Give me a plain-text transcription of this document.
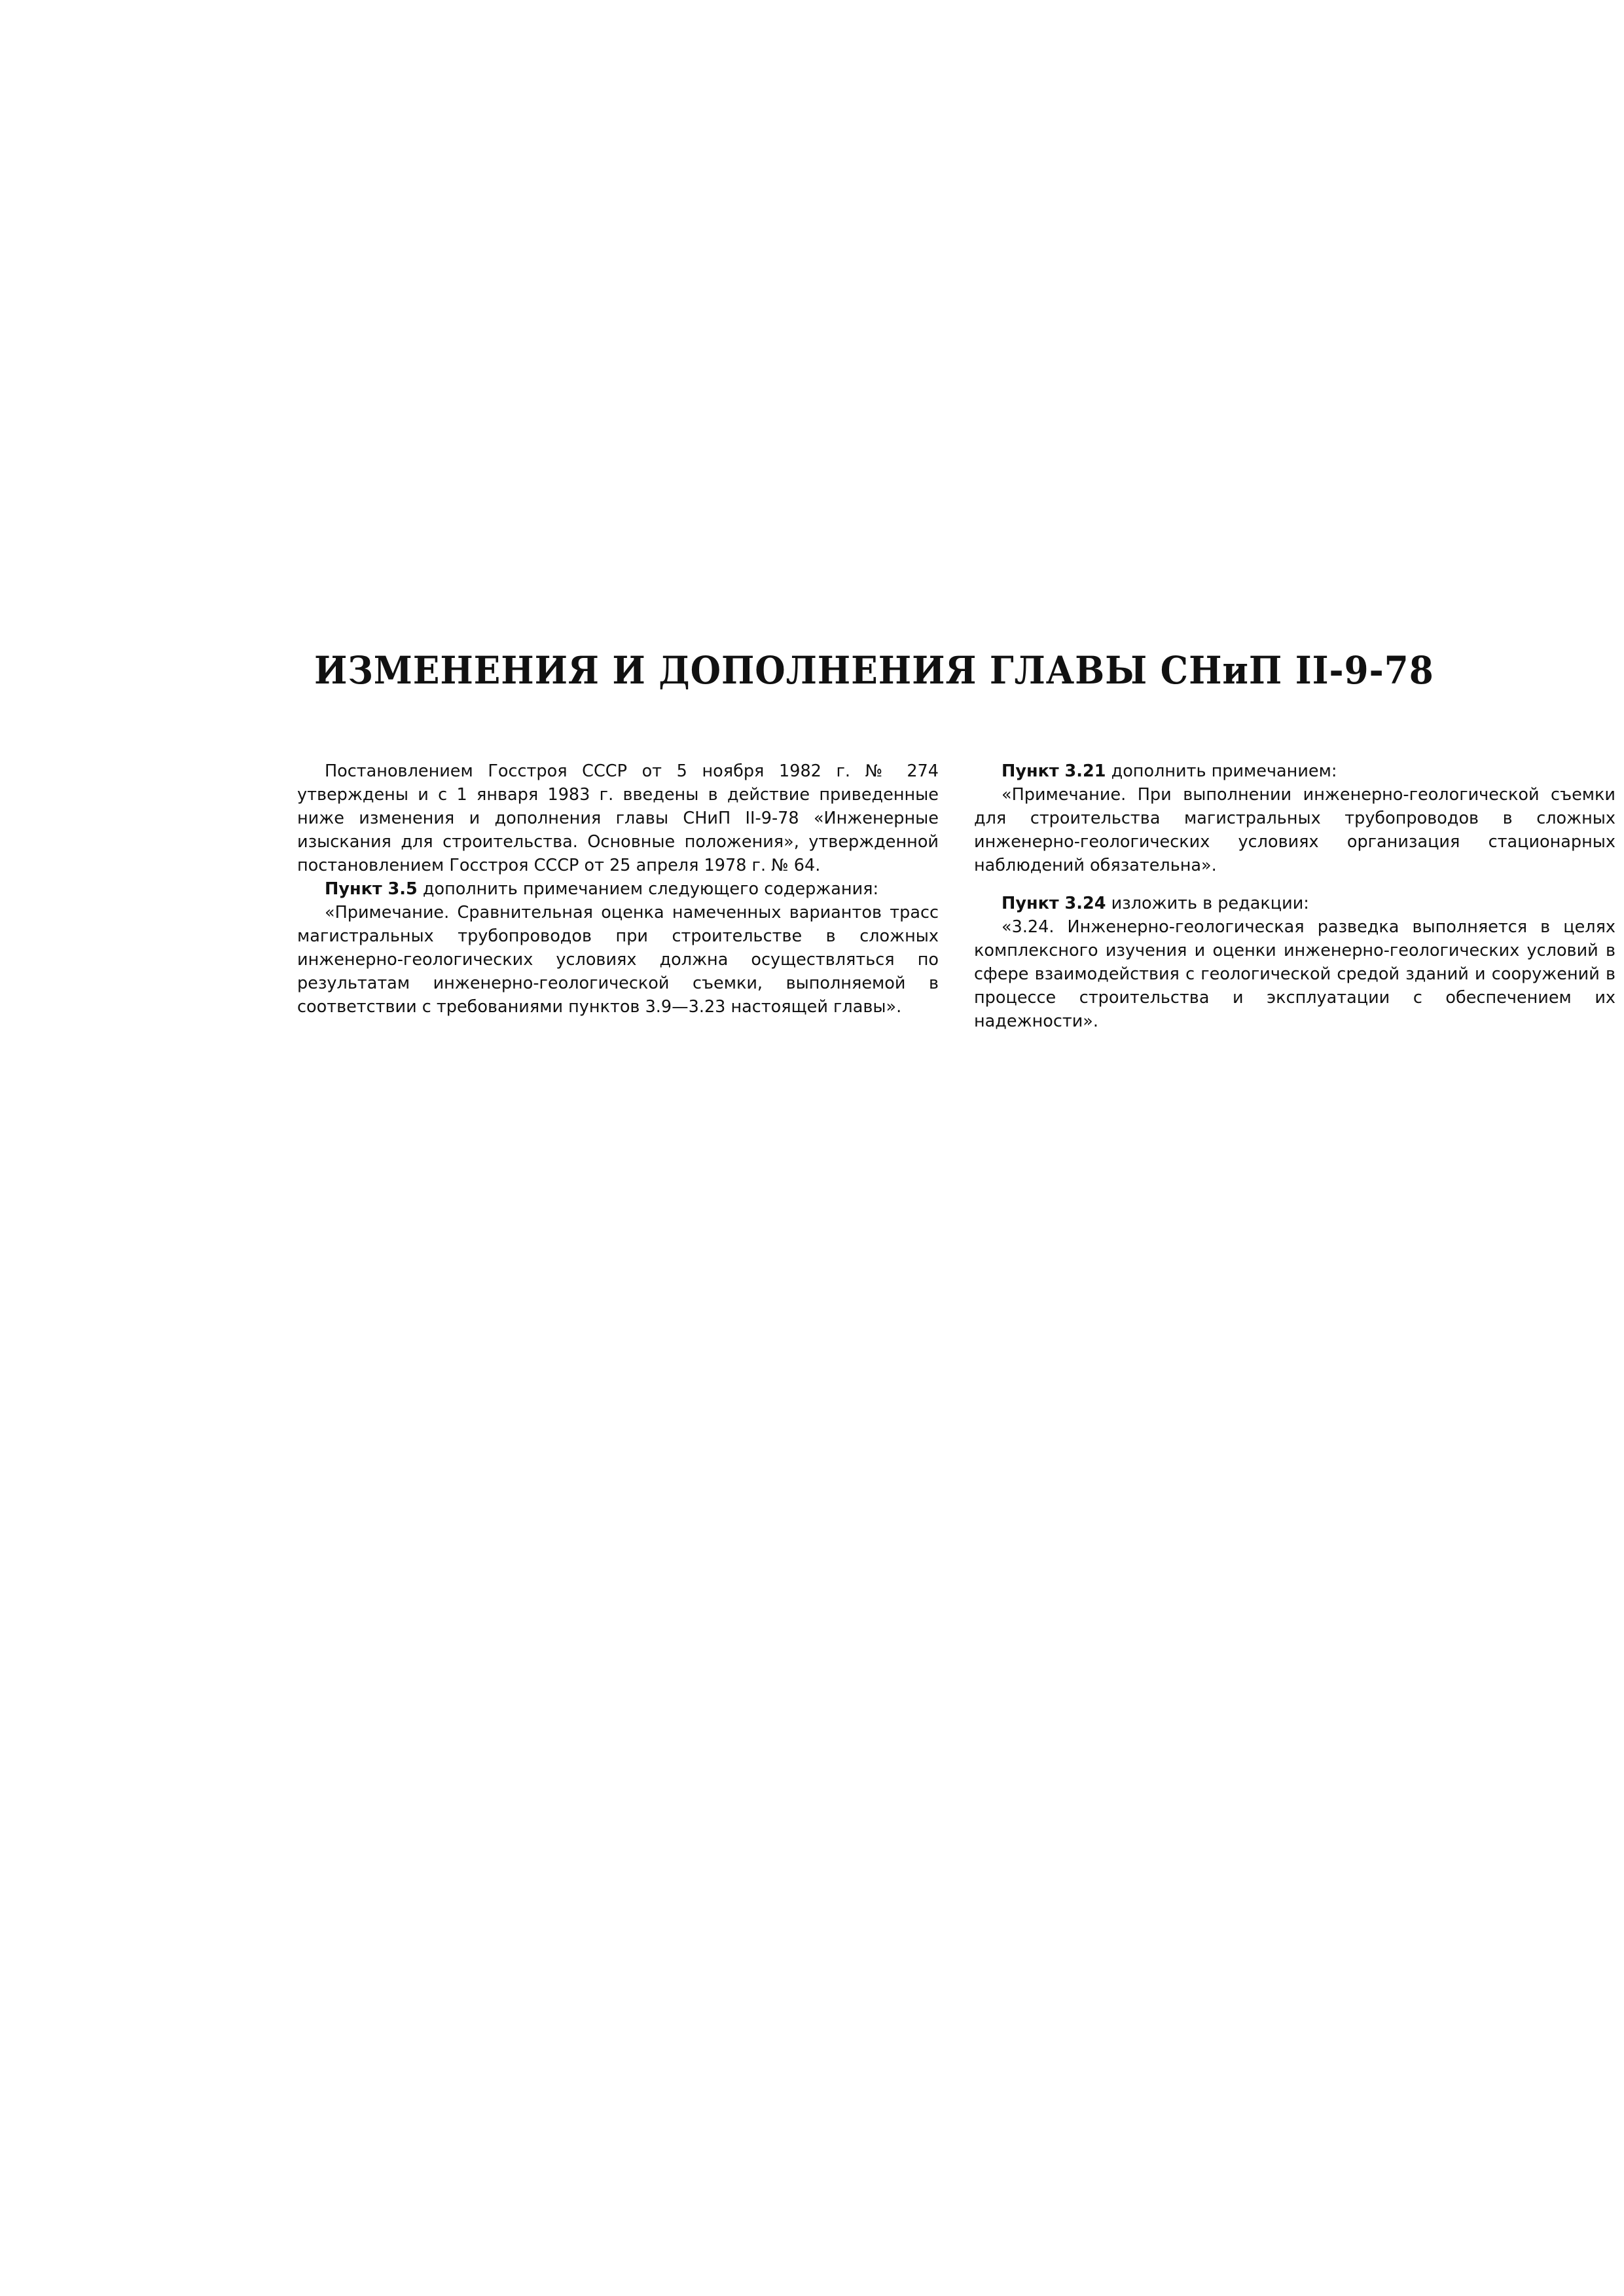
ИЗМЕНЕНИЯ И ДОПОЛНЕНИЯ ГЛАВЫ СНиП II-9-78

Постановлением Госстроя СССР от 5 ноября 1982 г. № 274 утверждены и с 1 января 1983 г. введены в действие приведенные ниже изменения и дополнения главы СНиП II-9-78 «Инженерные изыскания для строительства. Основные положения», утвержденной постановлением Госстроя СССР от 25 апреля 1978 г. № 64.

Пункт 3.5 дополнить примечанием следующего содержания:

«Примечание. Сравнительная оценка намеченных вариантов трасс магистральных трубопроводов при строительстве в сложных инженерно-геологических условиях должна осуществляться по результатам инженерно-геологической съемки, выполняемой в соответствии с требованиями пунктов 3.9—3.23 настоящей главы».

Пункт 3.21 дополнить примечанием:

«Примечание. При выполнении инженерно-геологической съемки для строительства магистральных трубопроводов в сложных инженерно-геологических условиях организация стационарных наблюдений обязательна».

Пункт 3.24 изложить в редакции:

«3.24. Инженерно-геологическая разведка выполняется в целях комплексного изучения и оценки инженерно-геологических условий в сфере взаимодействия с геологической средой зданий и сооружений в процессе строительства и эксплуатации с обеспечением их надежности».
